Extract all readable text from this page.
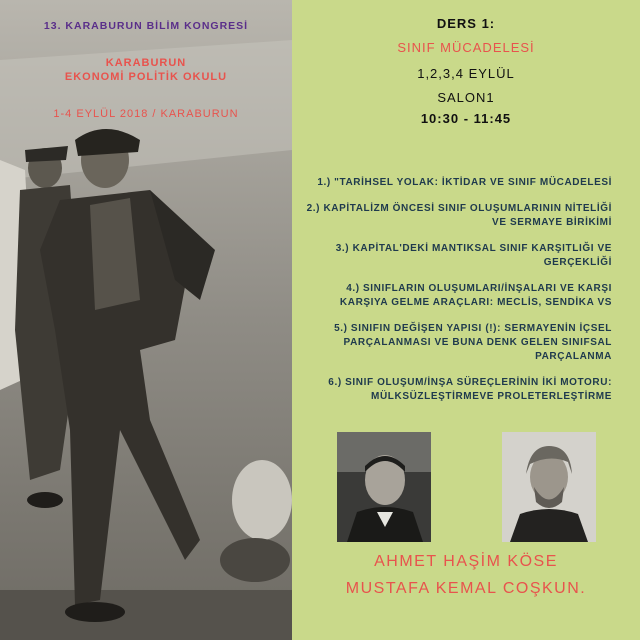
13. KARABURUN BİLİM KONGRESİ

KARABURUN

EKONOMİ POLİTİK OKULU

1-4 EYLÜL 2018 / KARABURUN

DERS 1:
SINIF MÜCADELESİ
1,2,3,4 EYLÜL
SALON1
10:30 - 11:45

1.) "TARİHSEL YOLAK: İKTİDAR VE SINIF MÜCADELESİ

2.) KAPİTALİZM ÖNCESİ SINIF OLUŞUMLARININ NİTELİĞİ VE SERMAYE BİRİKİMİ

3.) KAPİTAL'DEKİ MANTIKSAL SINIF KARŞITLIĞI VE GERÇEKLİĞİ

4.) SINIFLARIN OLUŞUMLARI/İNŞALARI VE KARŞI KARŞIYA GELME ARAÇLARI: MECLİS, SENDİKA VS

5.) SINIFIN DEĞİŞEN YAPISI (!): SERMAYENİN İÇSEL PARÇALANMASI VE BUNA DENK GELEN SINIFSAL PARÇALANMA

6.) SINIF OLUŞUM/İNŞA SÜREÇLERİNİN İKİ MOTORU: MÜLKSÜZLEŞTİRMEVE PROLETERLEŞTİRME

AHMET HAŞİM KÖSE
MUSTAFA KEMAL COŞKUN.
